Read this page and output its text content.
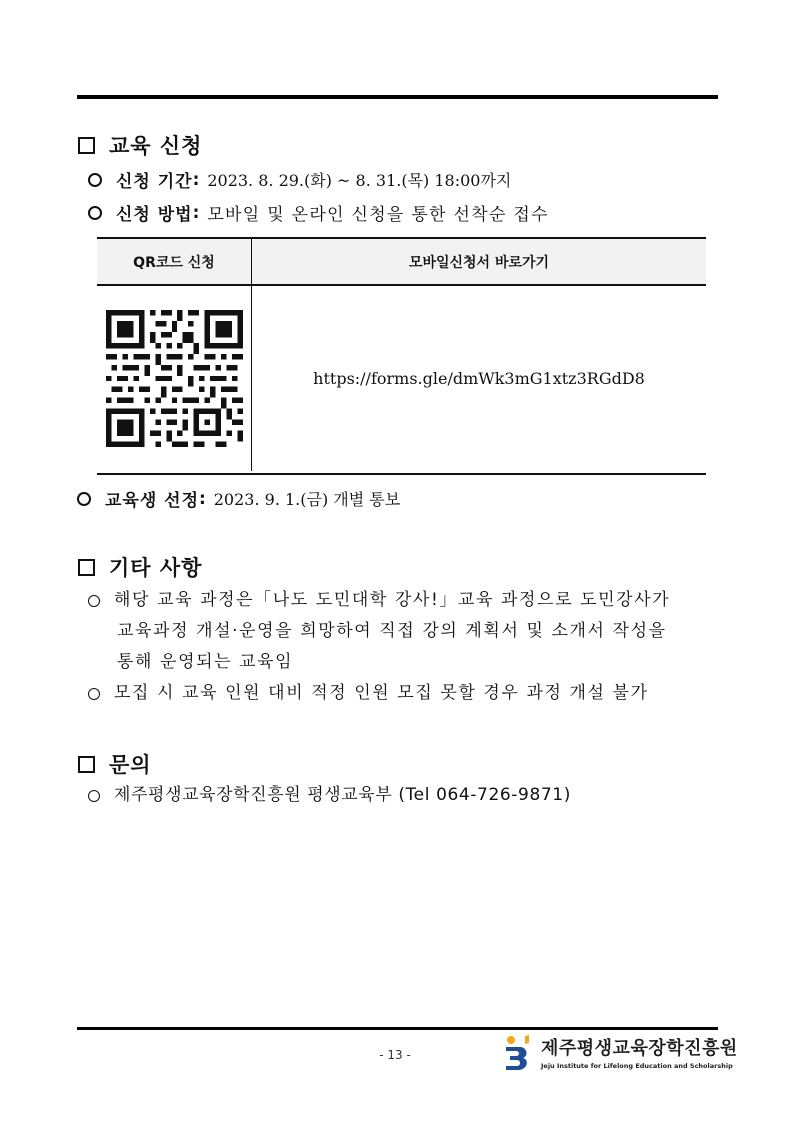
교육 신청
신청 기간 : 2023. 8. 29.(화) ~ 8. 31.(목) 18:00까지
신청 방법 : 모바일 및 온라인 신청을 통한 선착순 접수
QR코드 신청	모바일신청서 바로가기
https://forms.gle/dmWk3mG1xtz3RGdD8
교육생 선정 : 2023. 9. 1.(금) 개별 통보
기타 사항
해당 교육 과정은「나도 도민대학 강사!」교육 과정으로 도민강사가
교육과정 개설·운영을 희망하여 직접 강의 계획서 및 소개서 작성을
통해 운영되는 교육임
모집 시 교육 인원 대비 적정 인원 모집 못할 경우 과정 개설 불가
문의
제주평생교육장학진흥원 평생교육부 (Tel 064-726-9871)
- 13 -	제주평생교육장학진흥원
Jeju Institute for Lifelong Education and Scholarship
